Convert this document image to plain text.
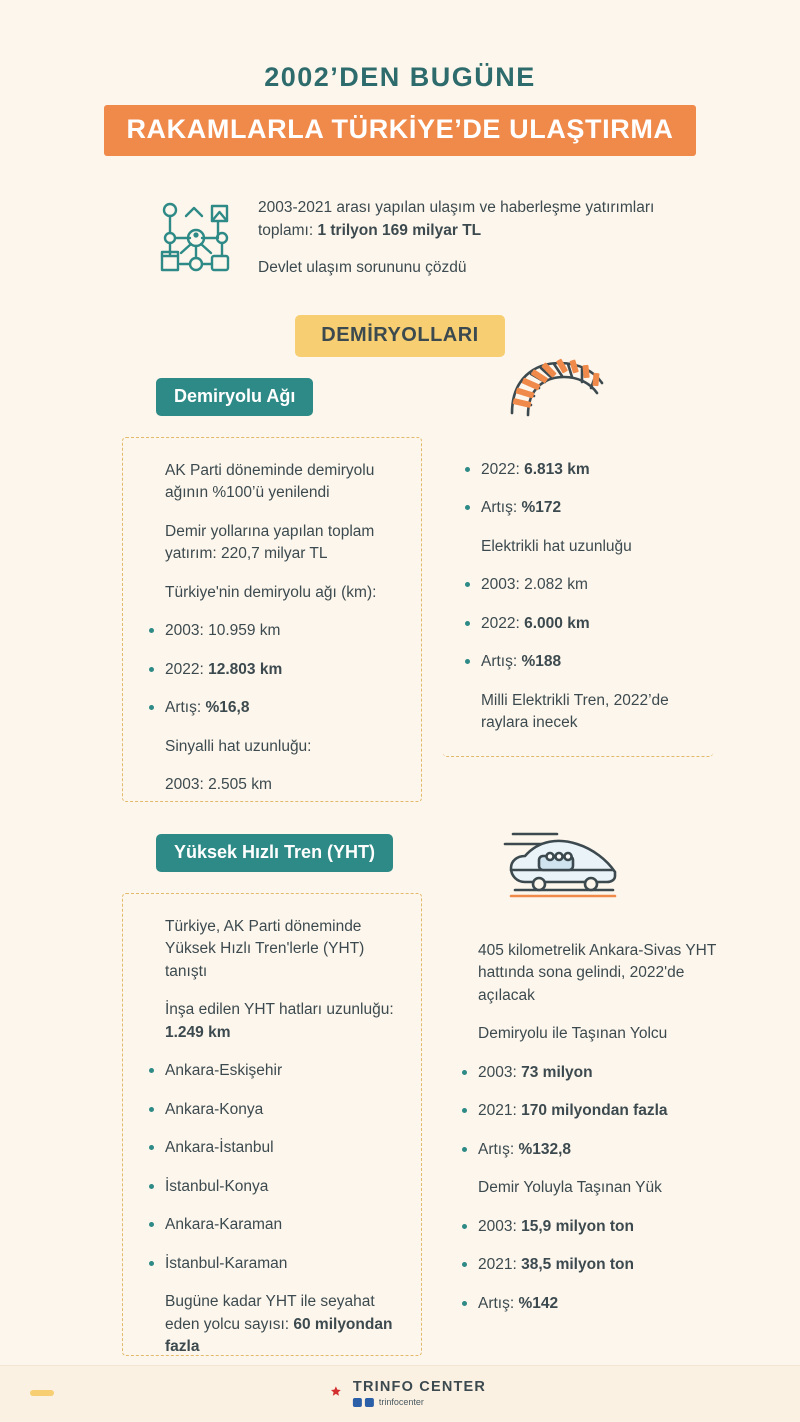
2002’DEN BUGÜNE
RAKAMLARLA TÜRKİYE’DE ULAŞTIRMA
2003-2021 arası yapılan ulaşım ve haberleşme yatırımları toplamı: 1 trilyon 169 milyar TL
Devlet ulaşım sorununu çözdü
DEMİRYOLLARI
Demiryolu Ağı
AK Parti döneminde demiryolu ağının %100’ü yenilendi
Demir yollarına yapılan toplam yatırım: 220,7 milyar TL
Türkiye'nin demiryolu ağı (km):
2003: 10.959 km
2022: 12.803 km
Artış: %16,8
Sinyalli hat uzunluğu:
2003: 2.505 km
2022: 6.813 km
Artış: %172
Elektrikli hat uzunluğu
2003: 2.082 km
2022: 6.000 km
Artış: %188
Milli Elektrikli Tren, 2022’de raylara inecek
Yüksek Hızlı Tren (YHT)
Türkiye, AK Parti döneminde Yüksek Hızlı Tren'lerle (YHT) tanıştı
İnşa edilen YHT hatları uzunluğu: 1.249 km
Ankara-Eskişehir
Ankara-Konya
Ankara-İstanbul
İstanbul-Konya
Ankara-Karaman
İstanbul-Karaman
Bugüne kadar YHT ile seyahat eden yolcu sayısı: 60 milyondan fazla
405 kilometrelik Ankara-Sivas YHT hattında sona gelindi, 2022'de açılacak
Demiryolu ile Taşınan Yolcu
2003: 73 milyon
2021: 170 milyondan fazla
Artış: %132,8
Demir Yoluyla Taşınan Yük
2003: 15,9 milyon ton
2021: 38,5 milyon ton
Artış: %142
TRINFO CENTER
trinfocenter
